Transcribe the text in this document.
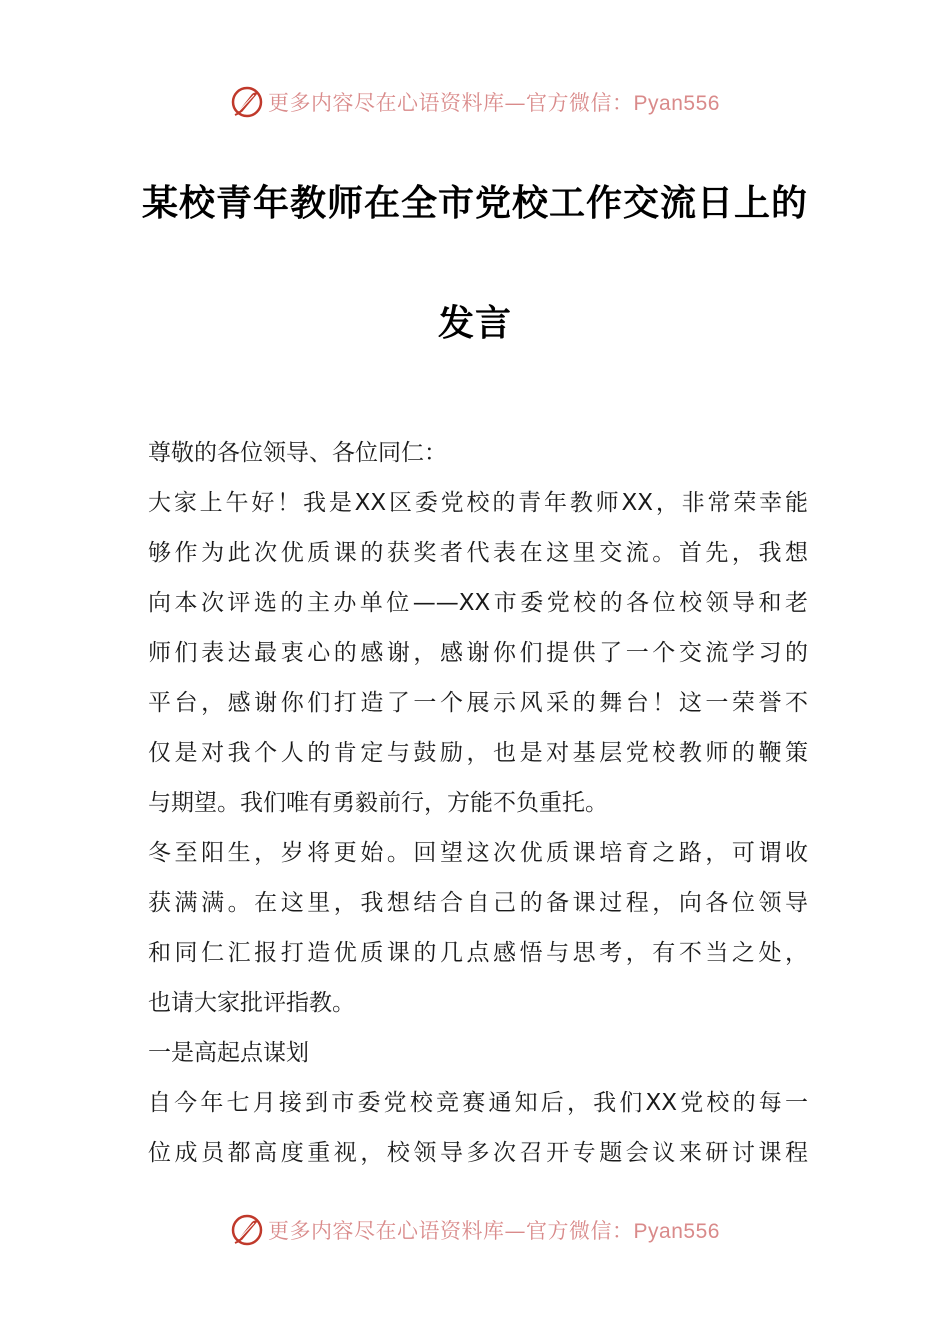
更多内容尽在心语资料库—官方微信：Pyan556
某校青年教师在全市党校工作交流日上的
发言
尊敬的各位领导、各位同仁：
大家上午好！我是XX区委党校的青年教师XX，非常荣幸能
够作为此次优质课的获奖者代表在这里交流。首先，我想
向本次评选的主办单位——XX市委党校的各位校领导和老
师们表达最衷心的感谢，感谢你们提供了一个交流学习的
平台，感谢你们打造了一个展示风采的舞台！这一荣誉不
仅是对我个人的肯定与鼓励，也是对基层党校教师的鞭策
与期望。我们唯有勇毅前行，方能不负重托。
冬至阳生，岁将更始。回望这次优质课培育之路，可谓收
获满满。在这里，我想结合自己的备课过程，向各位领导
和同仁汇报打造优质课的几点感悟与思考，有不当之处，
也请大家批评指教。
一是高起点谋划
自今年七月接到市委党校竞赛通知后，我们XX党校的每一
位成员都高度重视，校领导多次召开专题会议来研讨课程
更多内容尽在心语资料库—官方微信：Pyan556
